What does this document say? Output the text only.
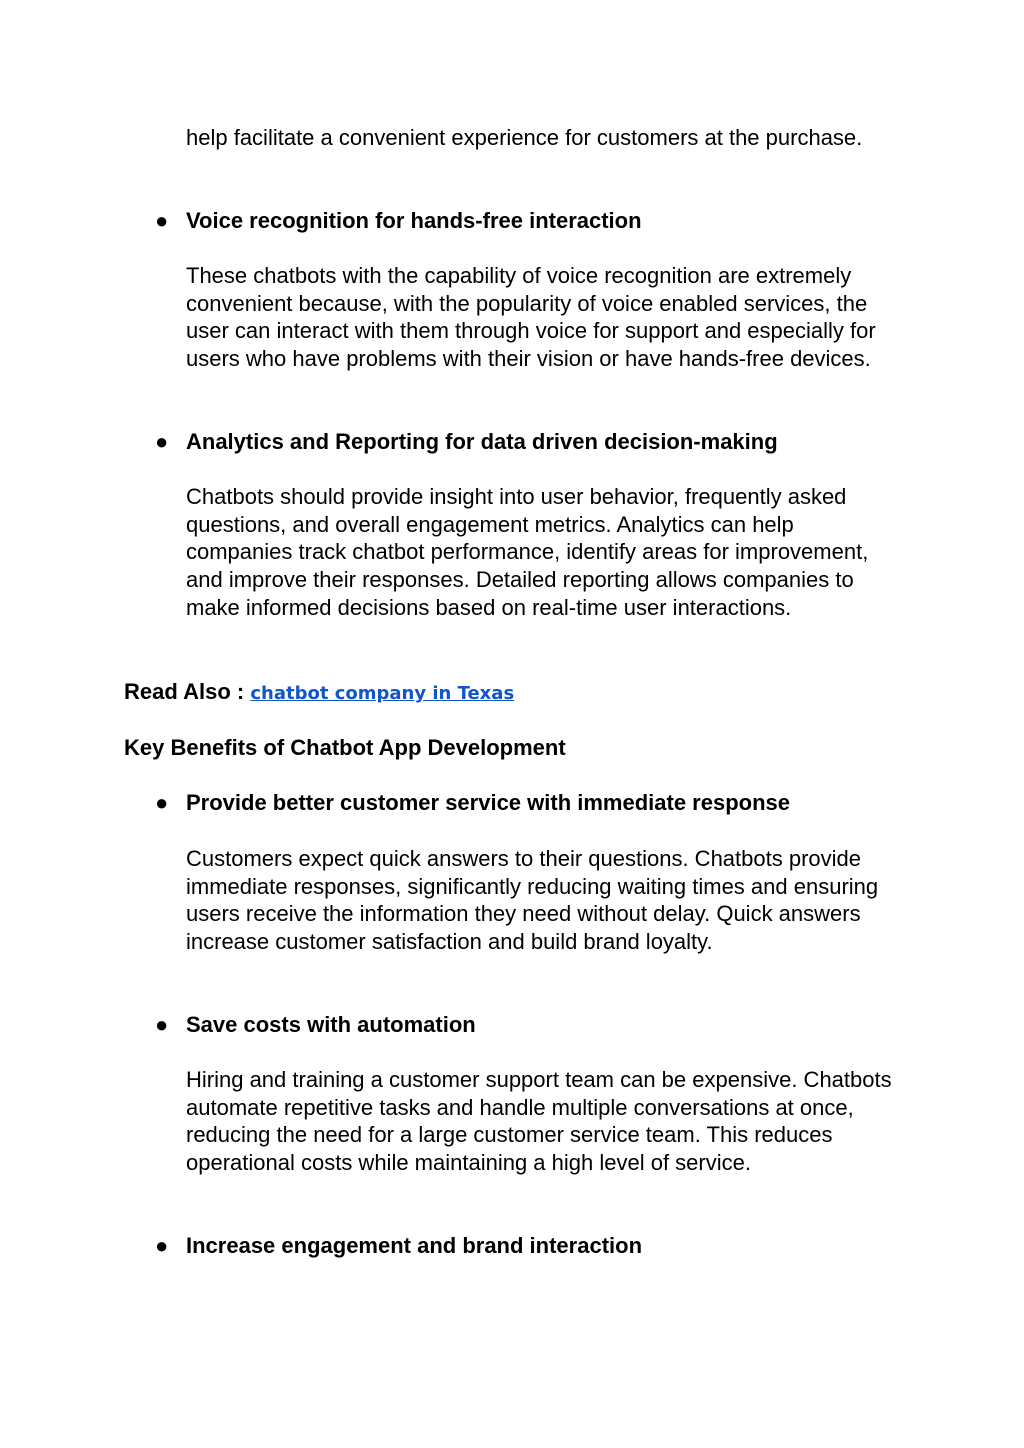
help facilitate a convenient experience for customers at the purchase.

● Voice recognition for hands-free interaction

These chatbots with the capability of voice recognition are extremely convenient because, with the popularity of voice enabled services, the user can interact with them through voice for support and especially for users who have problems with their vision or have hands-free devices.

● Analytics and Reporting for data driven decision-making

Chatbots should provide insight into user behavior, frequently asked questions, and overall engagement metrics. Analytics can help companies track chatbot performance, identify areas for improvement, and improve their responses. Detailed reporting allows companies to make informed decisions based on real-time user interactions.

Read Also : chatbot company in Texas

Key Benefits of Chatbot App Development

● Provide better customer service with immediate response

Customers expect quick answers to their questions. Chatbots provide immediate responses, significantly reducing waiting times and ensuring users receive the information they need without delay. Quick answers increase customer satisfaction and build brand loyalty.

● Save costs with automation

Hiring and training a customer support team can be expensive. Chatbots automate repetitive tasks and handle multiple conversations at once, reducing the need for a large customer service team. This reduces operational costs while maintaining a high level of service.

● Increase engagement and brand interaction
